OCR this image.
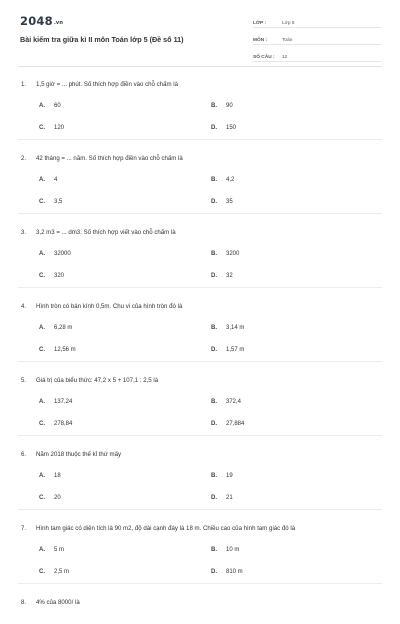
2048.vn
Bài kiểm tra giữa kì II môn Toán lớp 5 (Đề số 11)
LỚP :	Lớp 5
MÔN :	Toán
SỐ CÂU :	12
1. 1,5 giờ = ... phút. Số thích hợp điền vào chỗ chấm là
A. 60	B. 90
C. 120	D. 150
2. 42 tháng = ... năm. Số thích hợp điền vào chỗ chấm là
A. 4	B. 4,2
C. 3,5	D. 35
3. 3,2 m3 = ... dm3. Số thích hợp viết vào chỗ chấm là
A. 32000	B. 3200
C. 320	D. 32
4. Hình tròn có bán kính 0,5m. Chu vi của hình tròn đó là
A. 6,28 m	B. 3,14 m
C. 12,56 m	D. 1,57 m
5. Giá trị của biểu thức: 47,2 x 5 + 107,1 : 2,5 là
A. 137,24	B. 372,4
C. 278,84	D. 27,884
6. Năm 2018 thuộc thế kỉ thứ mấy
A. 18	B. 19
C. 20	D. 21
7. Hình tam giác có diện tích là 90 m2, độ dài cạnh đáy là 18 m. Chiều cao của hình tam giác đó là
A. 5 m	B. 10 m
C. 2,5 m	D. 810 m
8. 4% của 8000/ là
